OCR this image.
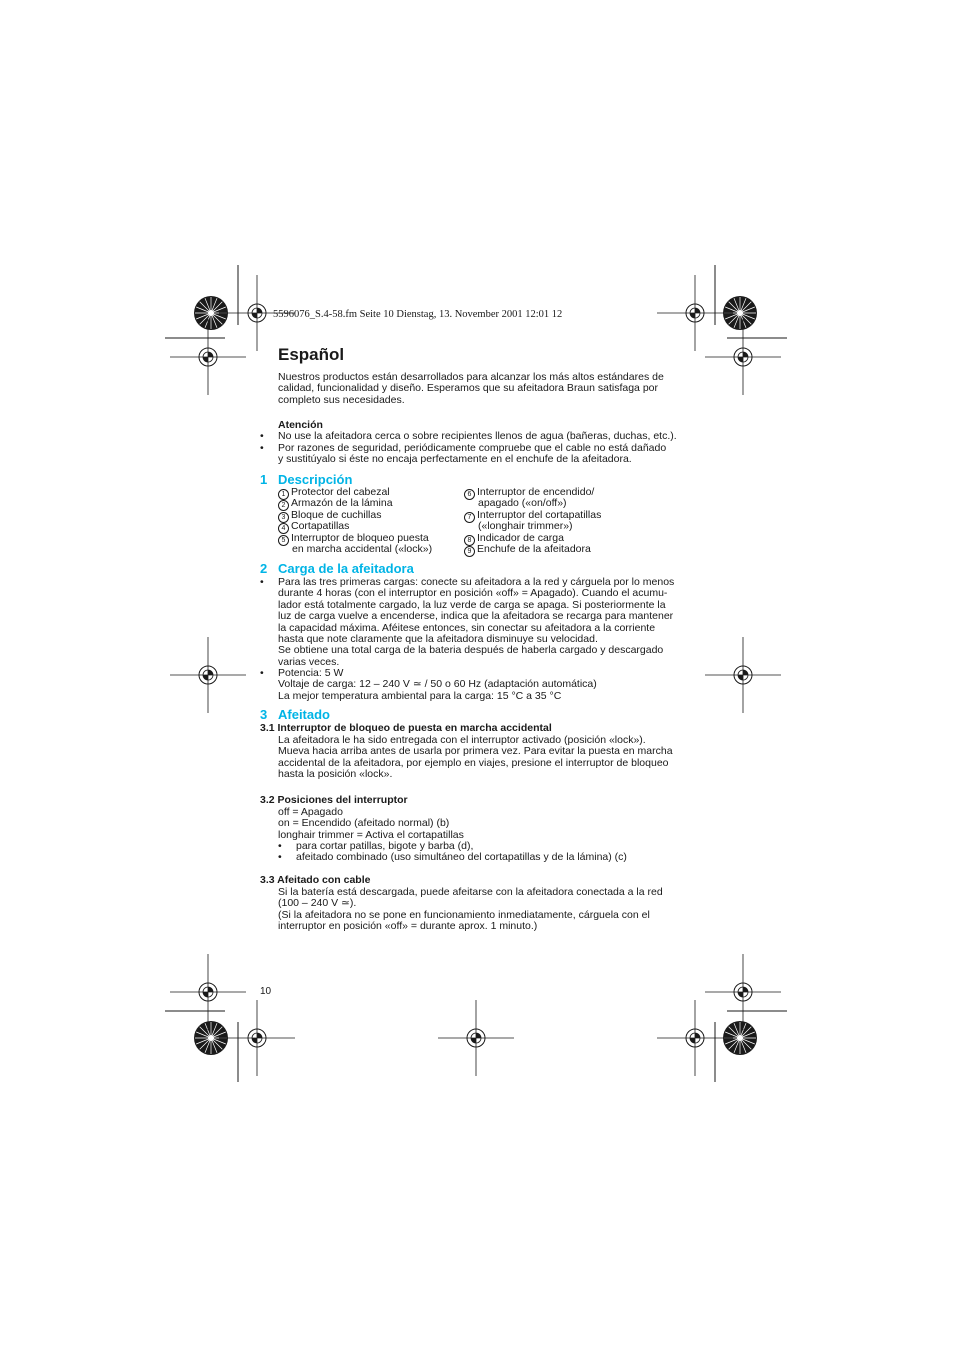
5596076_S.4-58.fm Seite 10 Dienstag, 13. November 2001 12:01 12
Español
Nuestros productos están desarrollados para alcanzar los más altos estándares de
calidad, funcionalidad y diseño. Esperamos que su afeitadora Braun satisfaga por
completo sus necesidades.
Atención
• No use la afeitadora cerca o sobre recipientes llenos de agua (bañeras, duchas, etc.).
• Por razones de seguridad, periódicamente compruebe que el cable no está dañado
y sustitúyalo si éste no encaja perfectamente en el enchufe de la afeitadora.
1 Descripción
1 Protector del cabezal
2 Armazón de la lámina
3 Bloque de cuchillas
4 Cortapatillas
5 Interruptor de bloqueo puesta
en marcha accidental («lock»)
6 Interruptor de encendido/
apagado («on/off»)
7 Interruptor del cortapatillas
(«longhair trimmer»)
8 Indicador de carga
9 Enchufe de la afeitadora
2 Carga de la afeitadora
• Para las tres primeras cargas: conecte su afeitadora a la red y cárguela por lo menos
durante 4 horas (con el interruptor en posición «off» = Apagado). Cuando el acumu-
lador está totalmente cargado, la luz verde de carga se apaga. Si posteriormente la
luz de carga vuelve a encenderse, indica que la afeitadora se recarga para mantener
la capacidad máxima. Aféitese entonces, sin conectar su afeitadora a la corriente
hasta que note claramente que la afeitadora disminuye su velocidad.
Se obtiene una total carga de la bateria después de haberla cargado y descargado
varias veces.
• Potencia: 5 W
Voltaje de carga: 12 – 240 V ≃ / 50 o 60 Hz (adaptación automática)
La mejor temperatura ambiental para la carga: 15 °C a 35 °C
3 Afeitado
3.1 Interruptor de bloqueo de puesta en marcha accidental
La afeitadora le ha sido entregada con el interruptor activado (posición «lock»).
Mueva hacia arriba antes de usarla por primera vez. Para evitar la puesta en marcha
accidental de la afeitadora, por ejemplo en viajes, presione el interruptor de bloqueo
hasta la posición «lock».
3.2 Posiciones del interruptor
off = Apagado
on = Encendido (afeitado normal) (b)
longhair trimmer = Activa el cortapatillas
• para cortar patillas, bigote y barba (d),
• afeitado combinado (uso simultáneo del cortapatillas y de la lámina) (c)
3.3 Afeitado con cable
Si la batería está descargada, puede afeitarse con la afeitadora conectada a la red
(100 – 240 V ≃).
(Si la afeitadora no se pone en funcionamiento inmediatamente, cárguela con el
interruptor en posición «off» = durante aprox. 1 minuto.)
10
